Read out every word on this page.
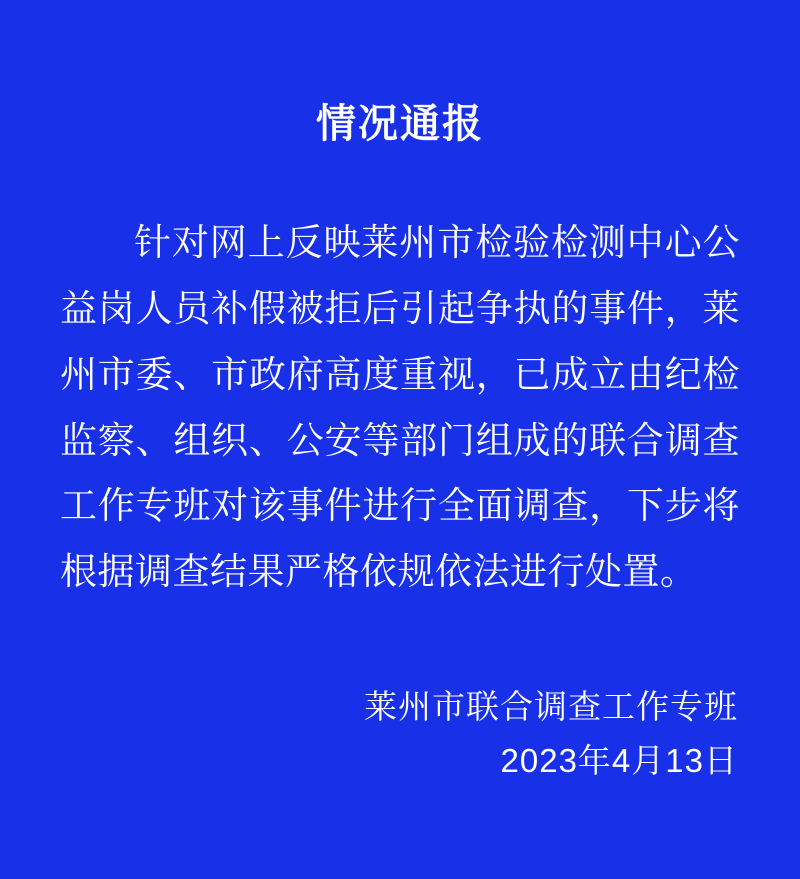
情况通报

针对网上反映莱州市检验检测中心公益岗人员补假被拒后引起争执的事件，莱州市委、市政府高度重视，已成立由纪检监察、组织、公安等部门组成的联合调查工作专班对该事件进行全面调查，下步将根据调查结果严格依规依法进行处置。

莱州市联合调查工作专班
2023年4月13日
